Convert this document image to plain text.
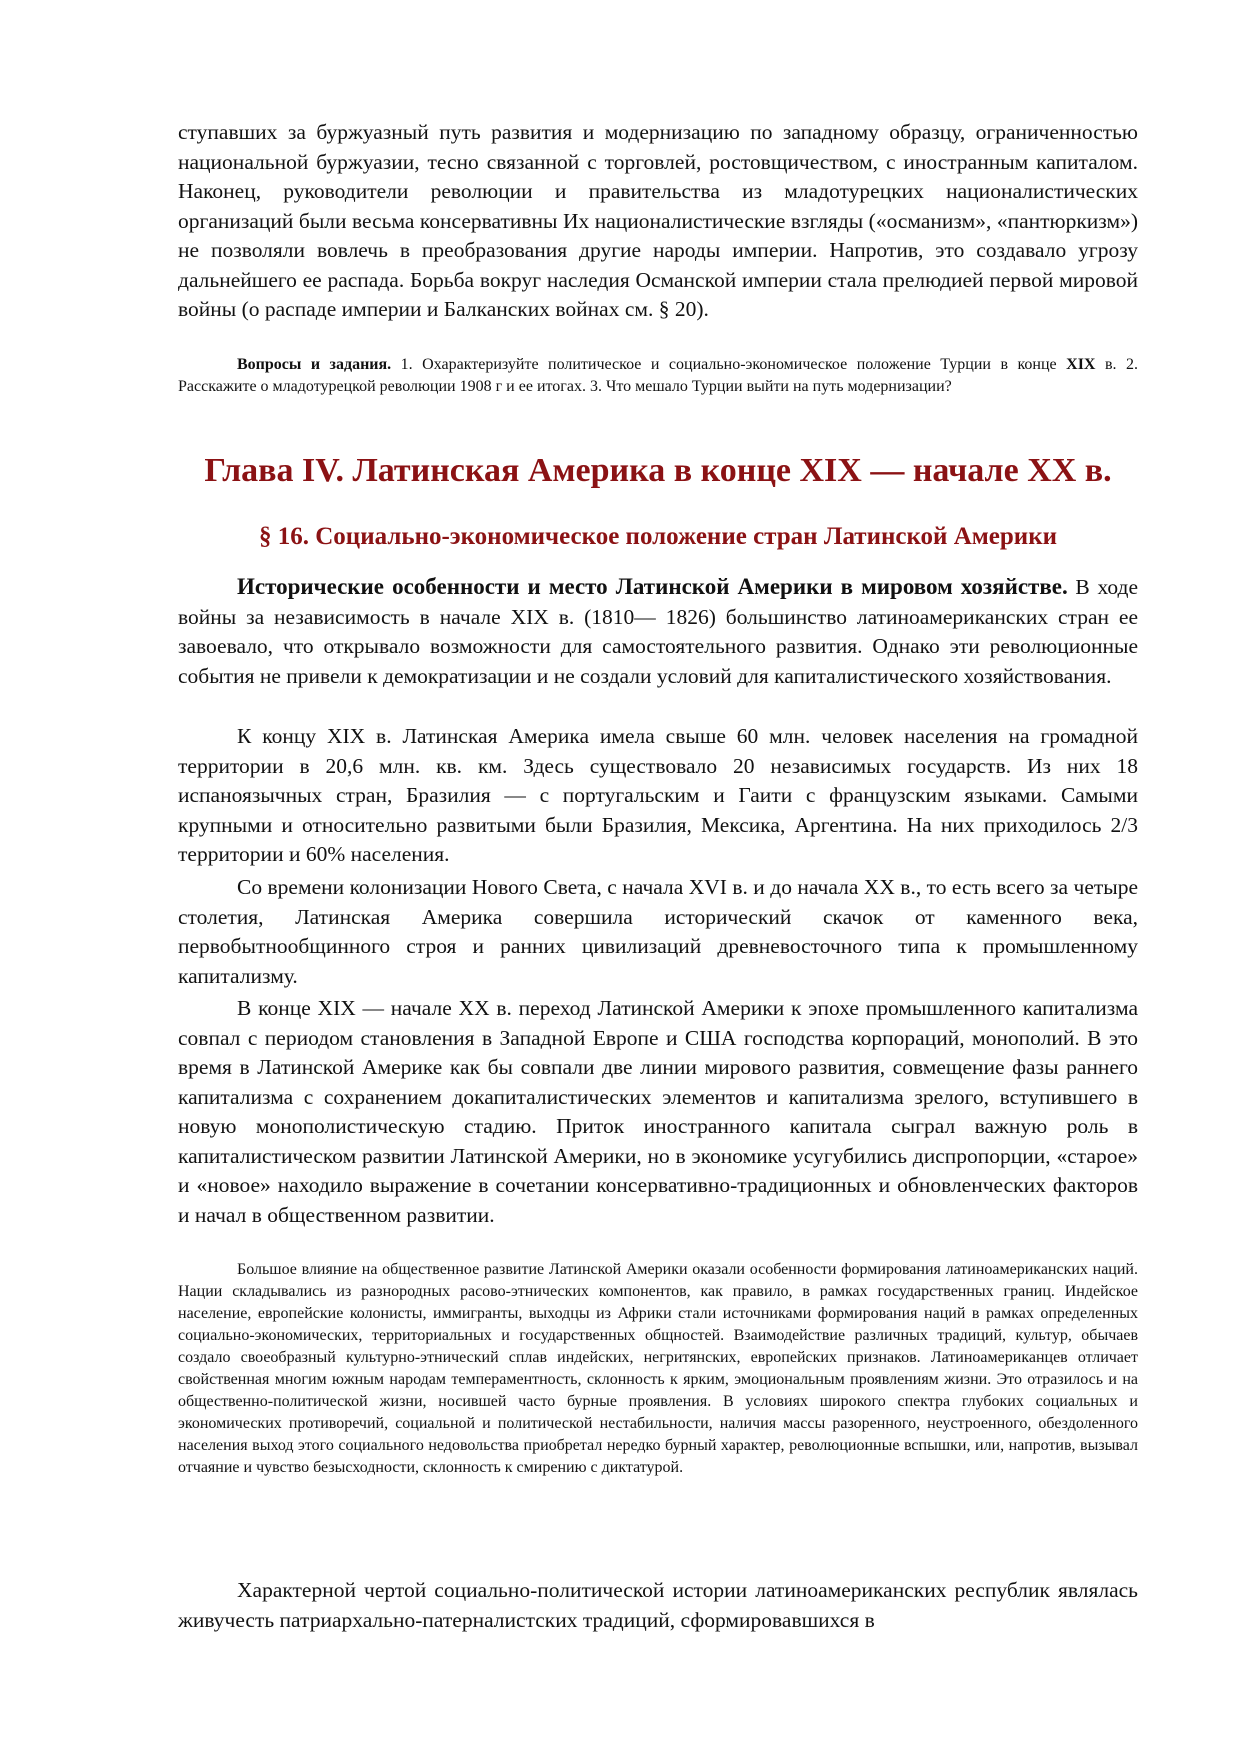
ступавших за буржуазный путь развития и модернизацию по западному образцу, ограниченностью национальной буржуазии, тесно связанной с торговлей, ростовщичеством, с иностранным капиталом. Наконец, руководители революции и правительства из младотурецких националистических организаций были весьма консервативны Их националистические взгляды («османизм», «пантюркизм») не позволяли вовлечь в преобразования другие народы империи. Напротив, это создавало угрозу дальнейшего ее распада. Борьба вокруг наследия Османской империи стала прелюдией первой мировой войны (о распаде империи и Балканских войнах см. § 20).

Вопросы и задания. 1. Охарактеризуйте политическое и социально-экономическое положение Турции в конце XIX в. 2. Расскажите о младотурецкой революции 1908 г и ее итогах. 3. Что мешало Турции выйти на путь модернизации?

Глава IV. Латинская Америка в конце XIX — начале XX в.
§ 16. Социально-экономическое положение стран Латинской Америки

Исторические особенности и место Латинской Америки в мировом хозяйстве. В ходе войны за независимость в начале XIX в. (1810— 1826) большинство латиноамериканских стран ее завоевало, что открывало возможности для самостоятельного развития. Однако эти революционные события не привели к демократизации и не создали условий для капиталистического хозяйствования.

К концу XIX в. Латинская Америка имела свыше 60 млн. человек населения на громадной территории в 20,6 млн. кв. км. Здесь существовало 20 независимых государств. Из них 18 испаноязычных стран, Бразилия — с португальским и Гаити с французским языками. Самыми крупными и относительно развитыми были Бразилия, Мексика, Аргентина. На них приходилось 2/3 территории и 60% населения.

Со времени колонизации Нового Света, с начала XVI в. и до начала XX в., то есть всего за четыре столетия, Латинская Америка совершила исторический скачок от каменного века, первобытнообщинного строя и ранних цивилизаций древневосточного типа к промышленному капитализму.

В конце XIX — начале XX в. переход Латинской Америки к эпохе промышленного капитализма совпал с периодом становления в Западной Европе и США господства корпораций, монополий. В это время в Латинской Америке как бы совпали две линии мирового развития, совмещение фазы раннего капитализма с сохранением докапиталистических элементов и капитализма зрелого, вступившего в новую монополистическую стадию. Приток иностранного капитала сыграл важную роль в капиталистическом развитии Латинской Америки, но в экономике усугубились диспропорции, «старое» и «новое» находило выражение в сочетании консервативно-традиционных и обновленческих факторов и начал в общественном развитии.

Большое влияние на общественное развитие Латинской Америки оказали особенности формирования латиноамериканских наций. Нации складывались из разнородных расово-этнических компонентов, как правило, в рамках государственных границ. Индейское население, европейские колонисты, иммигранты, выходцы из Африки стали источниками формирования наций в рамках определенных социально-экономических, территориальных и государственных общностей. Взаимодействие различных традиций, культур, обычаев создало своеобразный культурно-этнический сплав индейских, негритянских, европейских признаков. Латиноамериканцев отличает свойственная многим южным народам темпераментность, склонность к ярким, эмоциональным проявлениям жизни. Это отразилось и на общественно-политической жизни, носившей часто бурные проявления. В условиях широкого спектра глубоких социальных и экономических противоречий, социальной и политической нестабильности, наличия массы разоренного, неустроенного, обездоленного населения выход этого социального недовольства приобретал нередко бурный характер, революционные вспышки, или, напротив, вызывал отчаяние и чувство безысходности, склонность к смирению с диктатурой.

Характерной чертой социально-политической истории латиноамериканских республик являлась живучесть патриархально-патерналистских традиций, сформировавшихся в
